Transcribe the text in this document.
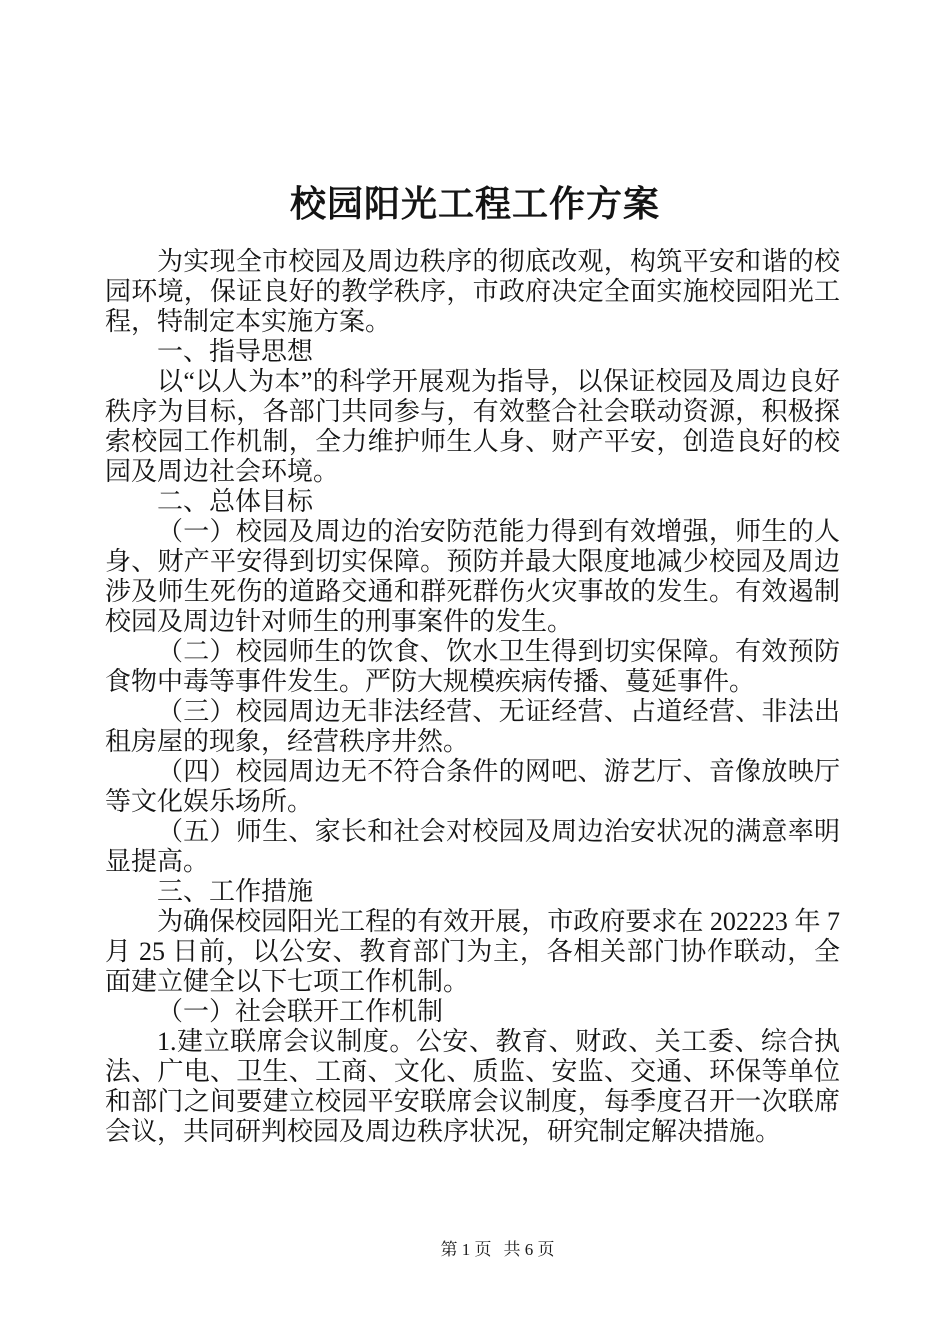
校园阳光工程工作方案

为实现全市校园及周边秩序的彻底改观，构筑平安和谐的校园环境，保证良好的教学秩序，市政府决定全面实施校园阳光工程，特制定本实施方案。

一、指导思想

以“以人为本”的科学开展观为指导，以保证校园及周边良好秩序为目标，各部门共同参与，有效整合社会联动资源，积极探索校园工作机制，全力维护师生人身、财产平安，创造良好的校园及周边社会环境。

二、总体目标

（一）校园及周边的治安防范能力得到有效增强，师生的人身、财产平安得到切实保障。预防并最大限度地减少校园及周边涉及师生死伤的道路交通和群死群伤火灾事故的发生。有效遏制校园及周边针对师生的刑事案件的发生。

（二）校园师生的饮食、饮水卫生得到切实保障。有效预防食物中毒等事件发生。严防大规模疾病传播、蔓延事件。

（三）校园周边无非法经营、无证经营、占道经营、非法出租房屋的现象，经营秩序井然。

（四）校园周边无不符合条件的网吧、游艺厅、音像放映厅等文化娱乐场所。

（五）师生、家长和社会对校园及周边治安状况的满意率明显提高。

三、工作措施

为确保校园阳光工程的有效开展，市政府要求在 202223 年 7 月 25 日前，以公安、教育部门为主，各相关部门协作联动，全面建立健全以下七项工作机制。

（一）社会联开工作机制

1.建立联席会议制度。公安、教育、财政、关工委、综合执法、广电、卫生、工商、文化、质监、安监、交通、环保等单位和部门之间要建立校园平安联席会议制度，每季度召开一次联席会议，共同研判校园及周边秩序状况，研究制定解决措施。

第 1 页 共 6 页
